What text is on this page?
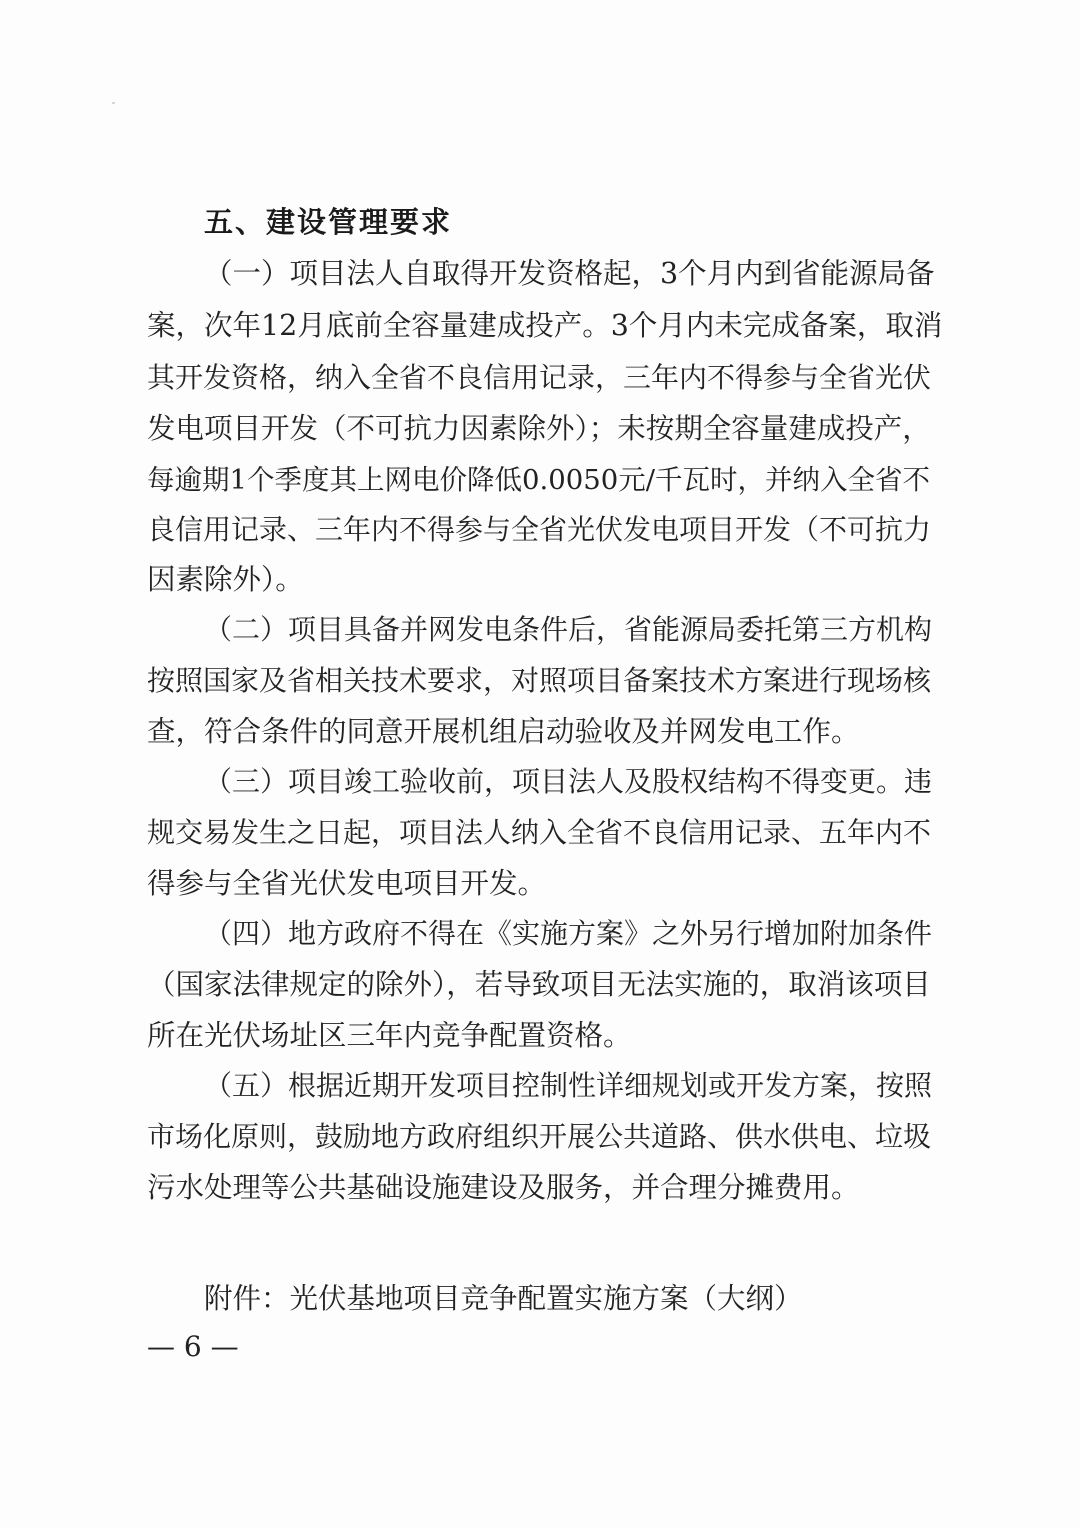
五、建设管理要求
（一）项目法人自取得开发资格起，3个月内到省能源局备
案，次年12月底前全容量建成投产。3个月内未完成备案，取消
其开发资格，纳入全省不良信用记录，三年内不得参与全省光伏
发电项目开发（不可抗力因素除外）；未按期全容量建成投产，
每逾期1个季度其上网电价降低0.0050元/千瓦时，并纳入全省不
良信用记录、三年内不得参与全省光伏发电项目开发（不可抗力
因素除外）。
（二）项目具备并网发电条件后，省能源局委托第三方机构
按照国家及省相关技术要求，对照项目备案技术方案进行现场核
查，符合条件的同意开展机组启动验收及并网发电工作。
（三）项目竣工验收前，项目法人及股权结构不得变更。违
规交易发生之日起，项目法人纳入全省不良信用记录、五年内不
得参与全省光伏发电项目开发。
（四）地方政府不得在《实施方案》之外另行增加附加条件
（国家法律规定的除外），若导致项目无法实施的，取消该项目
所在光伏场址区三年内竞争配置资格。
（五）根据近期开发项目控制性详细规划或开发方案，按照
市场化原则，鼓励地方政府组织开展公共道路、供水供电、垃圾
污水处理等公共基础设施建设及服务，并合理分摊费用。
附件：光伏基地项目竞争配置实施方案（大纲）
— 6 —
